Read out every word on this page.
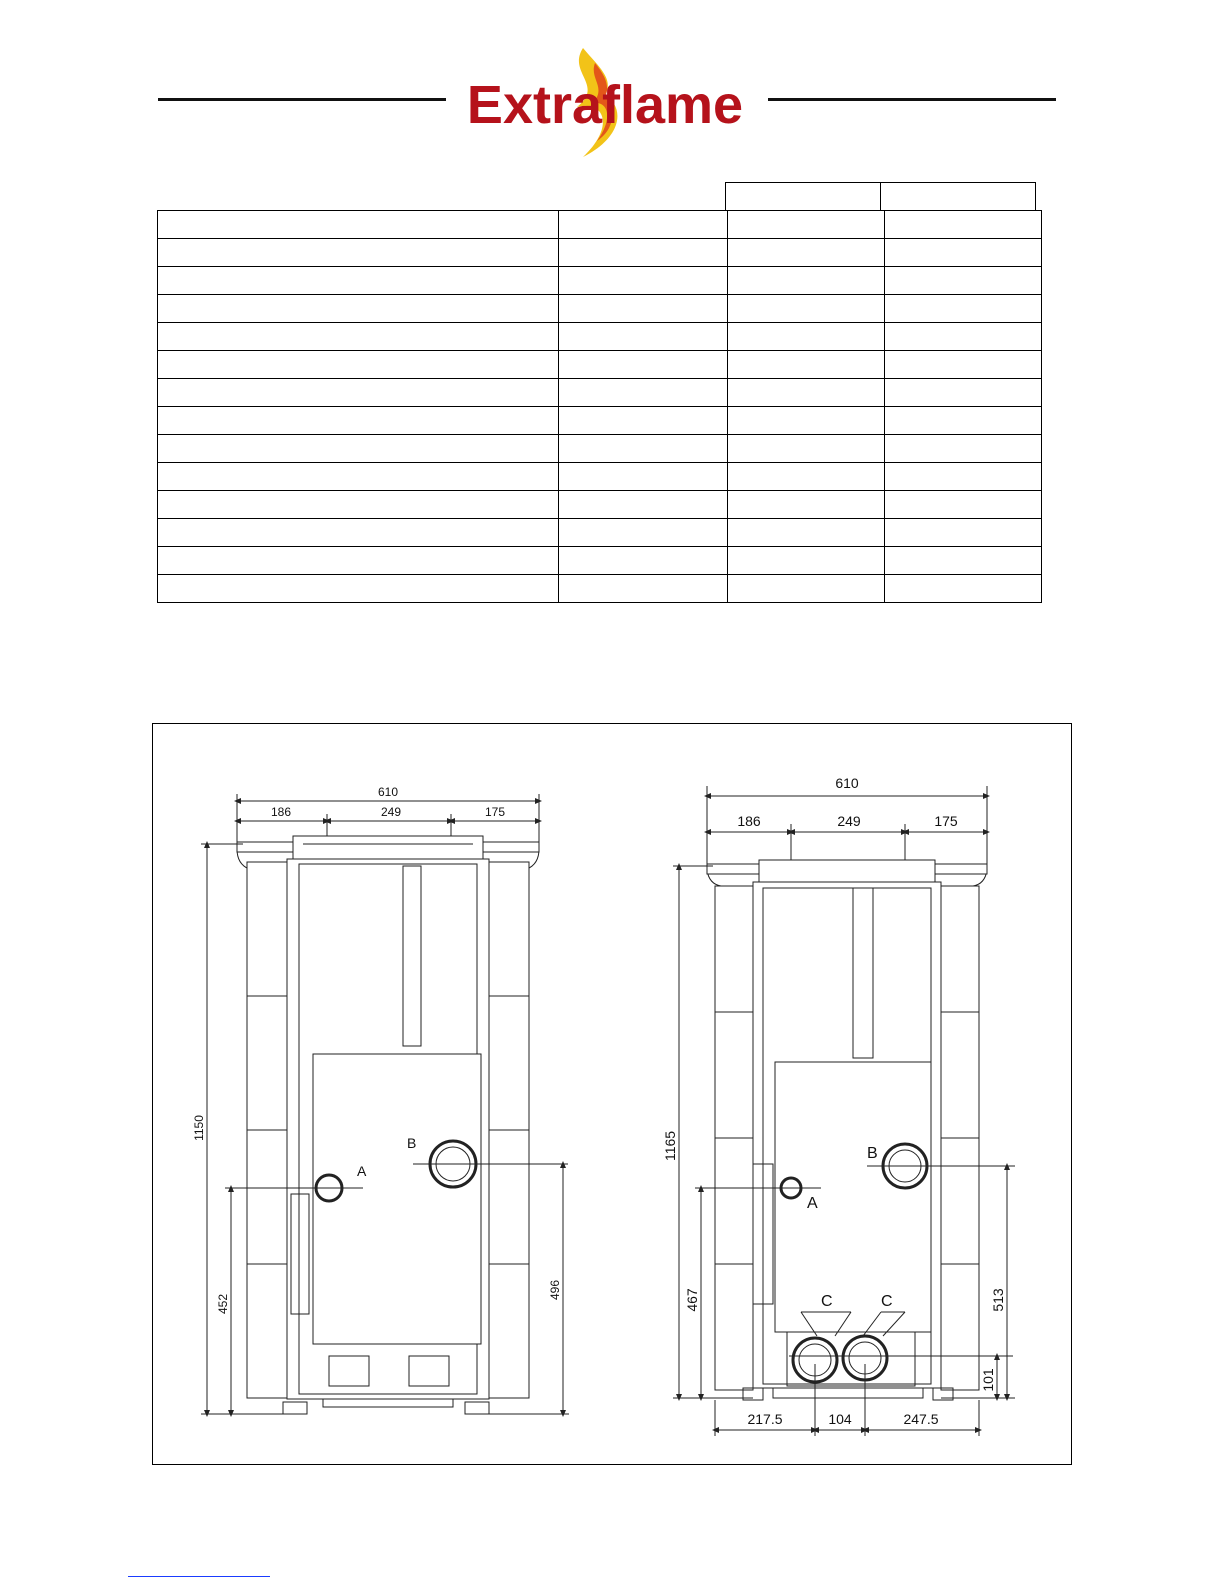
Extraflame

610
186	249	175
1150
452
496
A
B
610
186	249	175
1165
467	513
101
217.5	104	247.5
A
B
C	C
